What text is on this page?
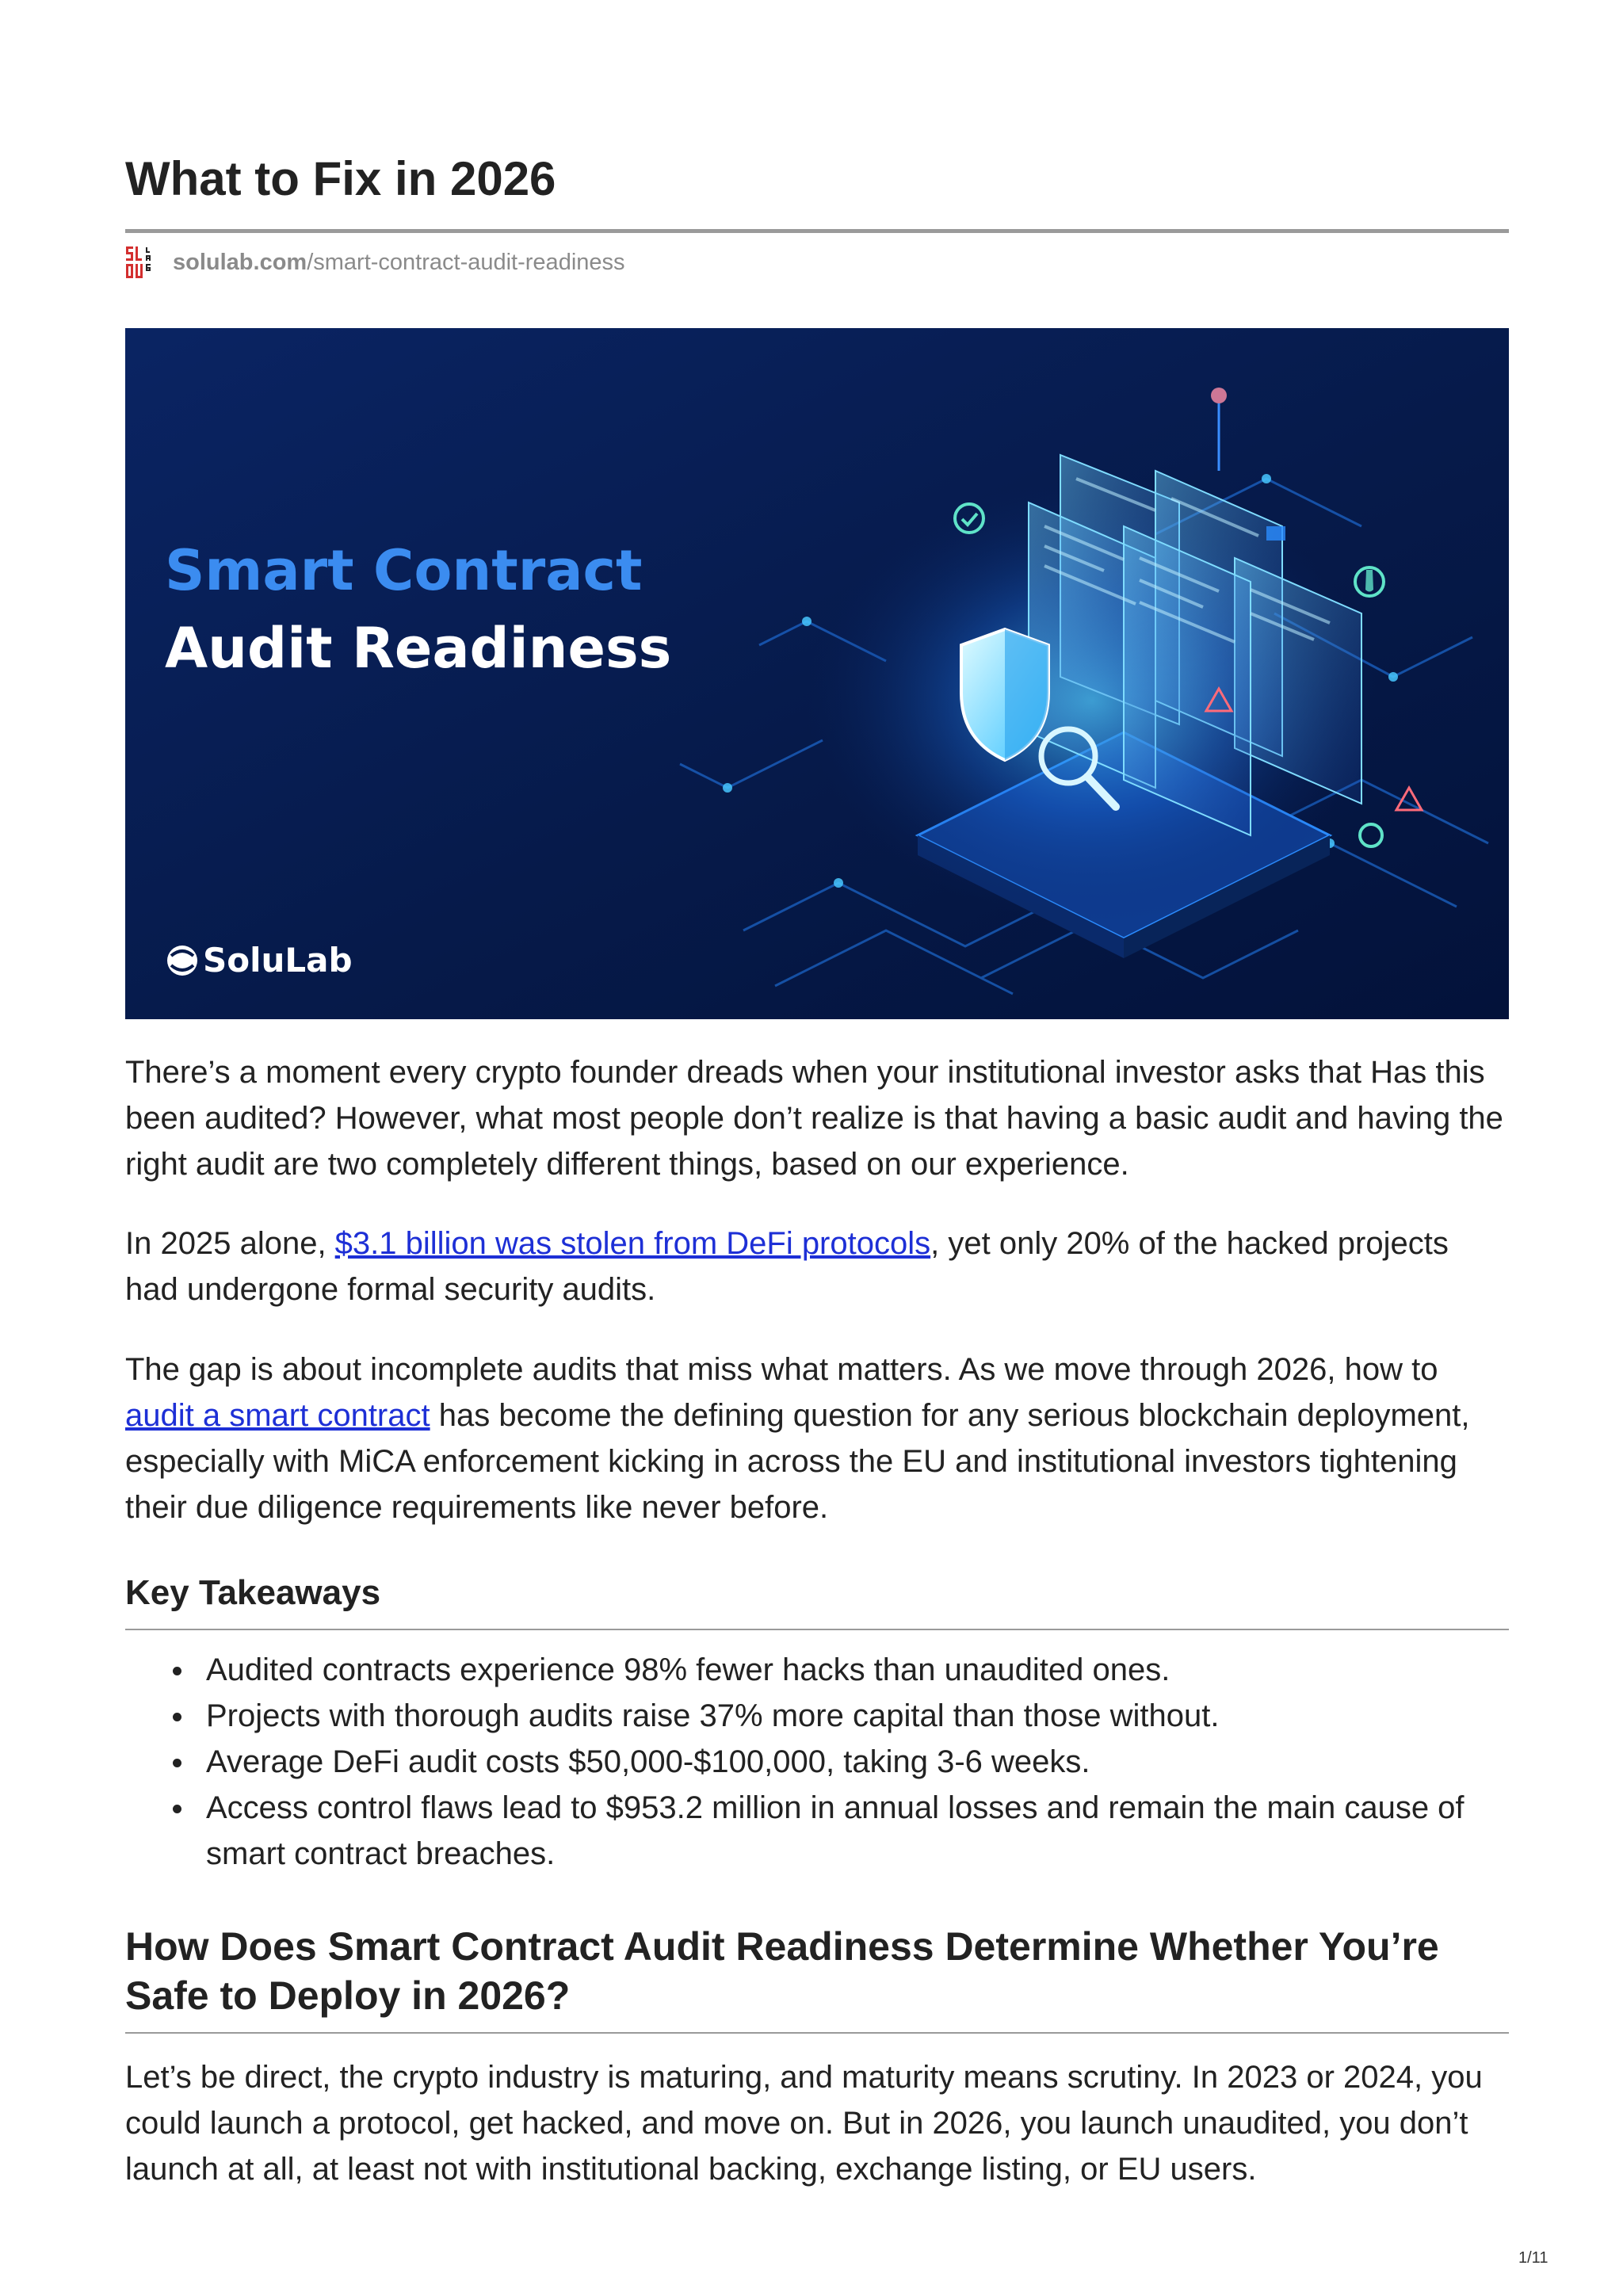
What to Fix in 2026
solulab.com/smart-contract-audit-readiness
Smart Contract
Audit Readiness
SoluLab

There’s a moment every crypto founder dreads when your institutional investor asks that Has this been audited? However, what most people don’t realize is that having a basic audit and having the right audit are two completely different things, based on our experience.

In 2025 alone, $3.1 billion was stolen from DeFi protocols, yet only 20% of the hacked projects had undergone formal security audits.

The gap is about incomplete audits that miss what matters. As we move through 2026, how to audit a smart contract has become the defining question for any serious blockchain deployment, especially with MiCA enforcement kicking in across the EU and institutional investors tightening their due diligence requirements like never before.

Key Takeaways
Audited contracts experience 98% fewer hacks than unaudited ones.
Projects with thorough audits raise 37% more capital than those without.
Average DeFi audit costs $50,000-$100,000, taking 3-6 weeks.
Access control flaws lead to $953.2 million in annual losses and remain the main cause of smart contract breaches.
How Does Smart Contract Audit Readiness Determine Whether You’re Safe to Deploy in 2026?

Let’s be direct, the crypto industry is maturing, and maturity means scrutiny. In 2023 or 2024, you could launch a protocol, get hacked, and move on. But in 2026, you launch unaudited, you don’t launch at all, at least not with institutional backing, exchange listing, or EU users.

1/11
